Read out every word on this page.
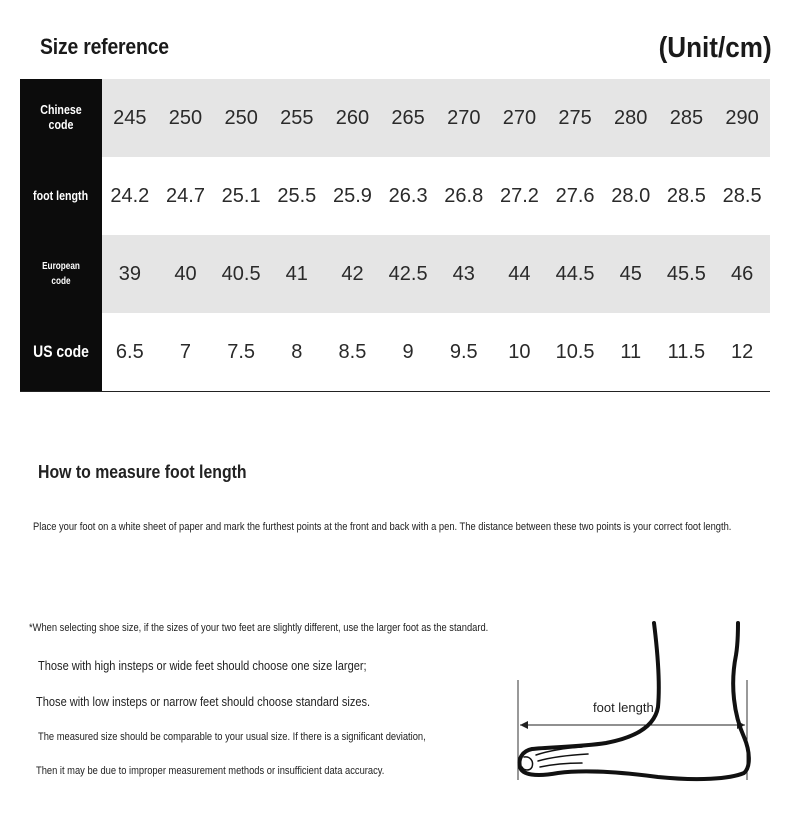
Size reference	(Unit/cm)
Chinese code	245	250	250	255	260	265	270	270	275	280	285	290
foot length	24.2	24.7	25.1	25.5	25.9	26.3	26.8	27.2	27.6	28.0	28.5	28.5
European code	39	40	40.5	41	42	42.5	43	44	44.5	45	45.5	46
US code	6.5	7	7.5	8	8.5	9	9.5	10	10.5	11	11.5	12
How to measure foot length
Place your foot on a white sheet of paper and mark the furthest points at the front and back with a pen. The distance between these two points is your correct foot length.
*When selecting shoe size, if the sizes of your two feet are slightly different, use the larger foot as the standard.
Those with high insteps or wide feet should choose one size larger;
Those with low insteps or narrow feet should choose standard sizes.
The measured size should be comparable to your usual size. If there is a significant deviation,
Then it may be due to improper measurement methods or insufficient data accuracy.
foot length
